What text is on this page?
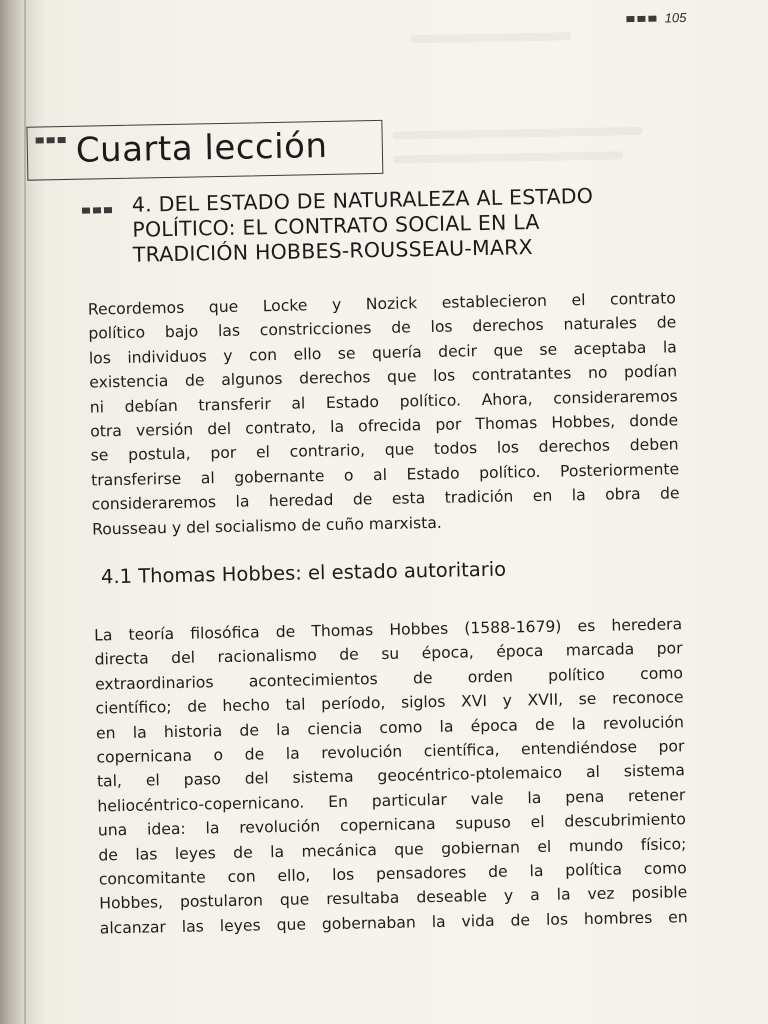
105
Cuarta lección
4. DEL ESTADO DE NATURALEZA AL ESTADO
POLÍTICO: EL CONTRATO SOCIAL EN LA
TRADICIÓN HOBBES-ROUSSEAU-MARX

Recordemos que Locke y Nozick establecieron el contrato
político bajo las constricciones de los derechos naturales de
los individuos y con ello se quería decir que se aceptaba la
existencia de algunos derechos que los contratantes no podían
ni debían transferir al Estado político. Ahora, consideraremos
otra versión del contrato, la ofrecida por Thomas Hobbes, donde
se postula, por el contrario, que todos los derechos deben
transferirse al gobernante o al Estado político. Posteriormente
consideraremos la heredad de esta tradición en la obra de
Rousseau y del socialismo de cuño marxista.

4.1 Thomas Hobbes: el estado autoritario

La teoría filosófica de Thomas Hobbes (1588-1679) es heredera
directa del racionalismo de su época, época marcada por
extraordinarios acontecimientos de orden político como
científico; de hecho tal período, siglos XVI y XVII, se reconoce
en la historia de la ciencia como la época de la revolución
copernicana o de la revolución científica, entendiéndose por
tal, el paso del sistema geocéntrico-ptolemaico al sistema
heliocéntrico-copernicano. En particular vale la pena retener
una idea: la revolución copernicana supuso el descubrimiento
de las leyes de la mecánica que gobiernan el mundo físico;
concomitante con ello, los pensadores de la política como
Hobbes, postularon que resultaba deseable y a la vez posible
alcanzar las leyes que gobernaban la vida de los hombres en
